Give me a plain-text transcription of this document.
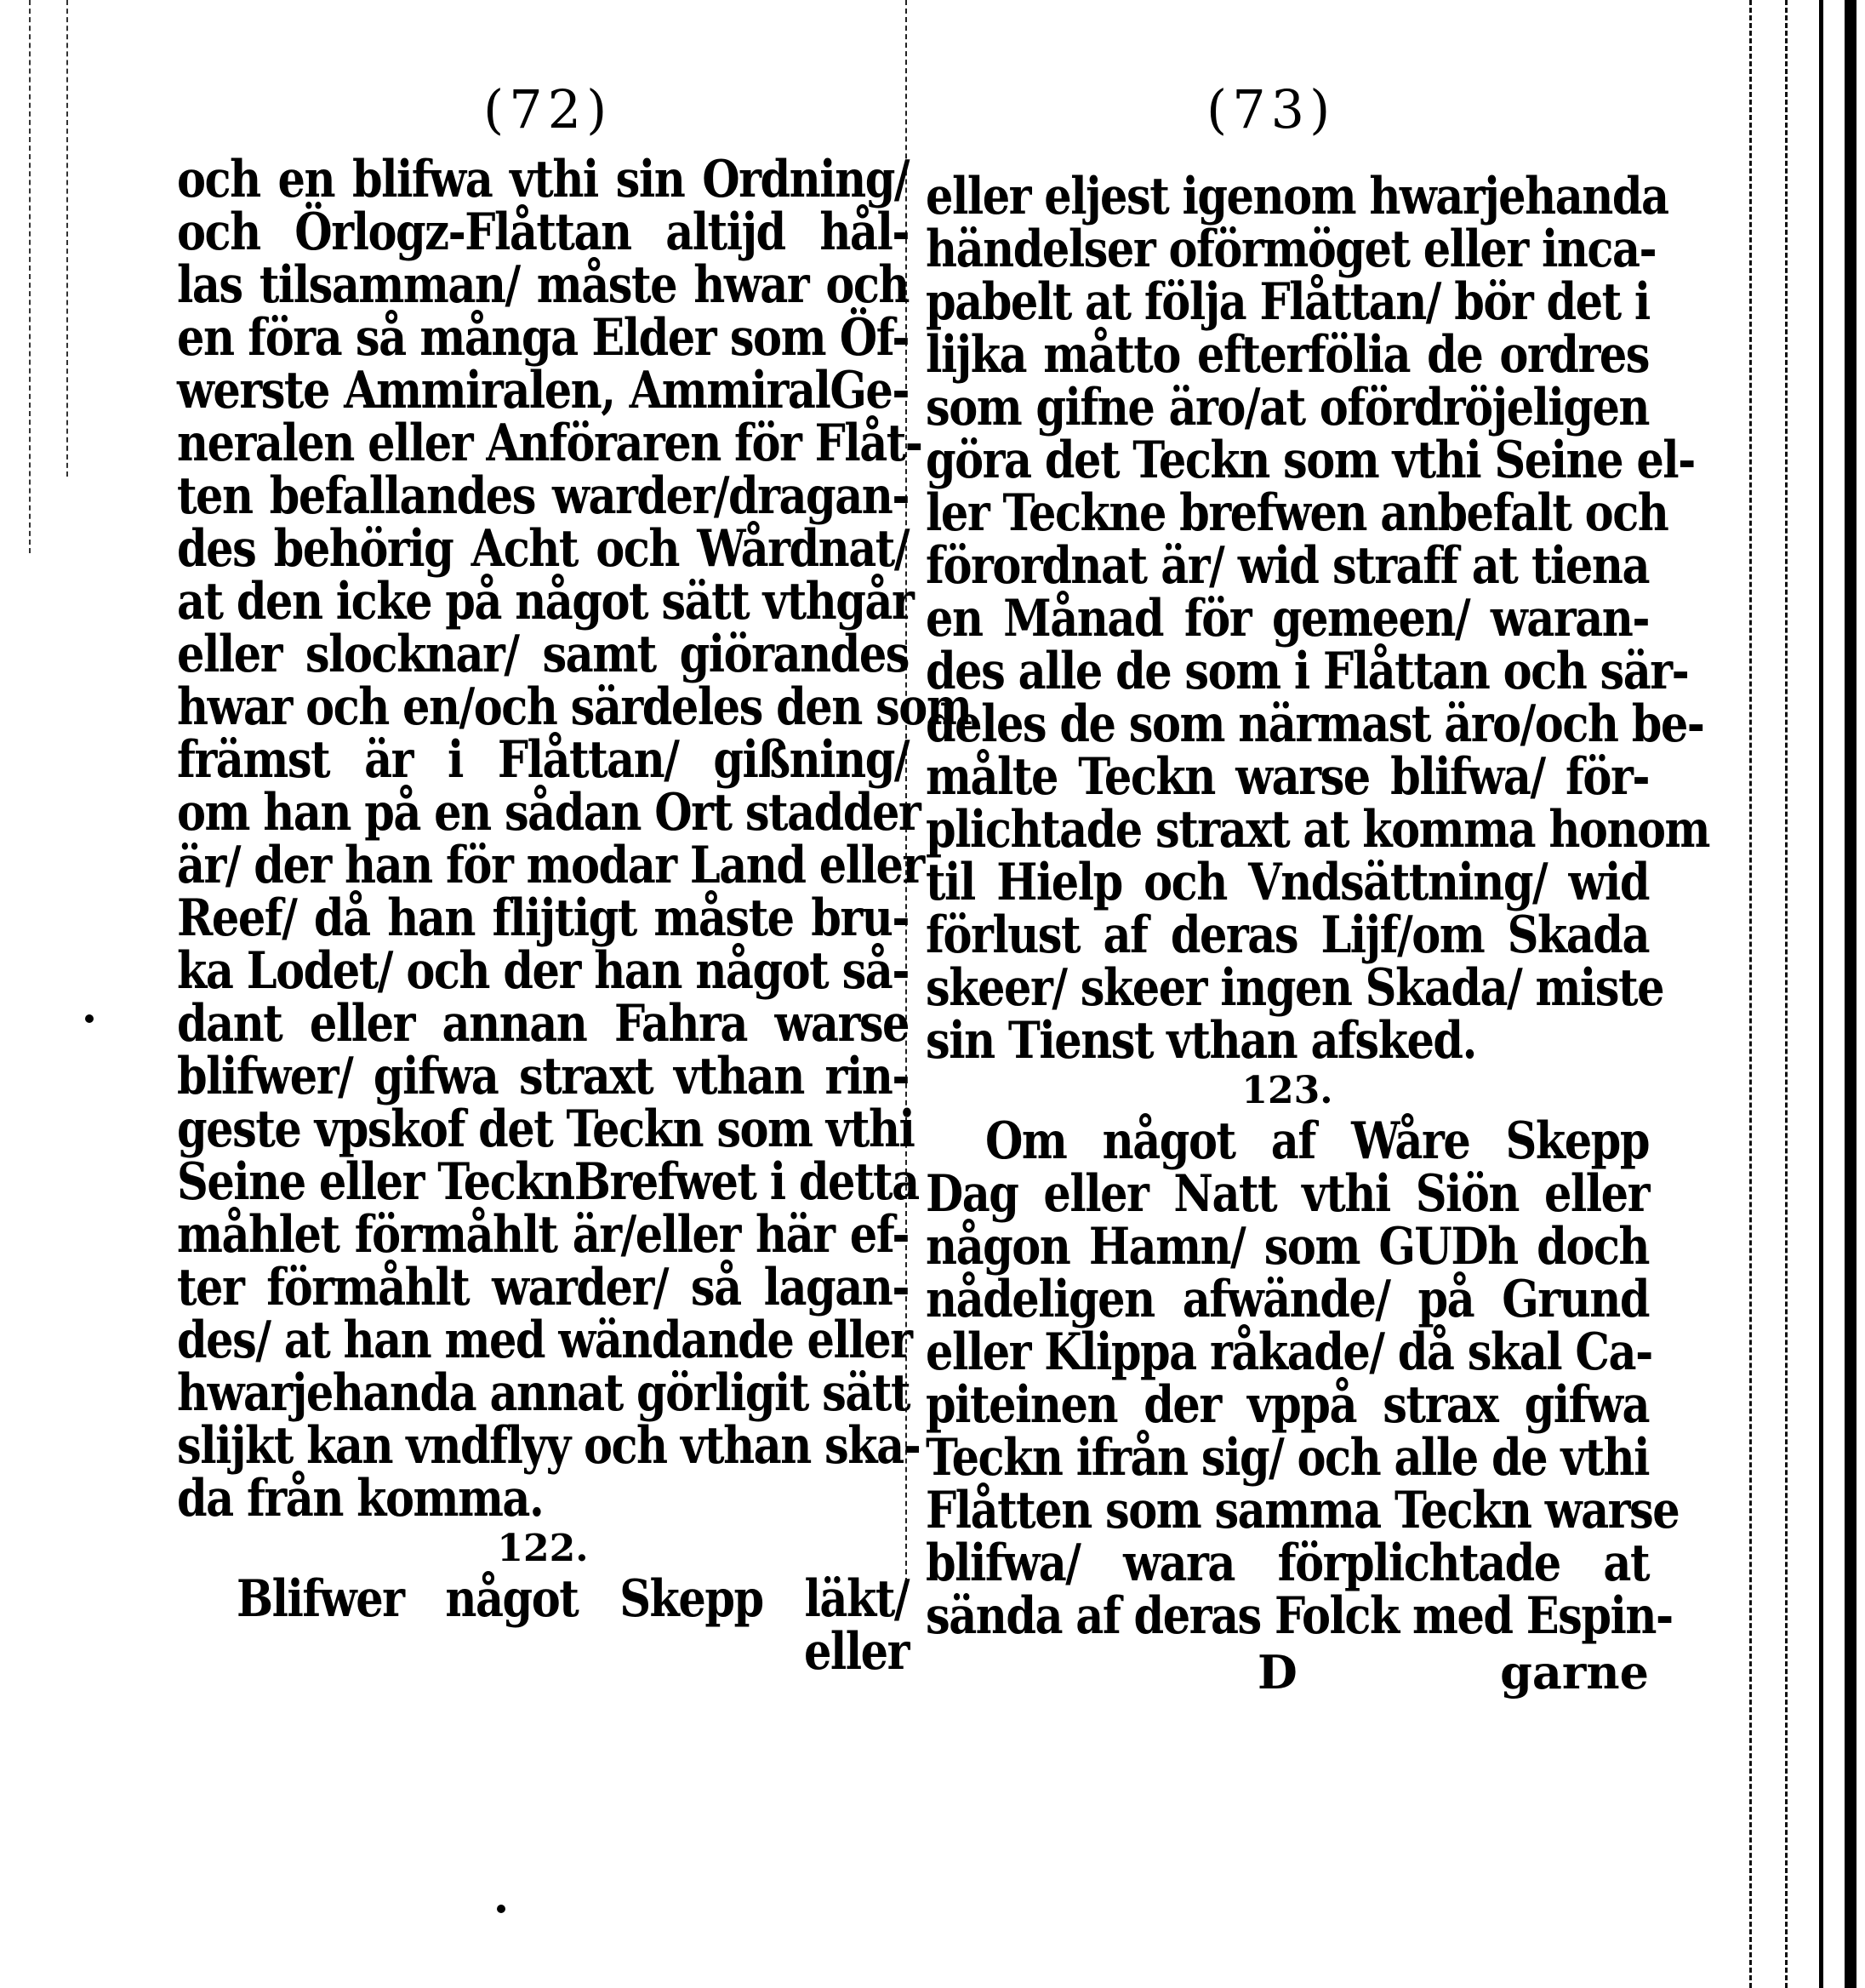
(72)
och en blifwa vthi sin Ordning/
och Örlogz-Flåttan altijd hål-
las tilsamman/ måste hwar och
en föra så många Elder som Öf-
werste Ammiralen, AmmiralGe-
neralen eller Anföraren för Flåt-
ten befallandes warder/dragan-
des behörig Acht och Wårdnat/
at den icke på något sätt vthgår
eller slocknar/ samt giörandes
hwar och en/och särdeles den som
främst är i Flåttan/ gißning/
om han på en sådan Ort stadder
är/ der han för modar Land eller
Reef/ då han flijtigt måste bru-
ka Lodet/ och der han något så-
dant eller annan Fahra warse
blifwer/ gifwa straxt vthan rin-
geste vpskof det Teckn som vthi
Seine eller TecknBrefwet i detta
måhlet förmåhlt är/eller här ef-
ter förmåhlt warder/ så lagan-
des/ at han med wändande eller
hwarjehanda annat görligit sätt
slijkt kan vndflyy och vthan ska-
da från komma.
122.
Blifwer något Skepp läkt/
eller
(73)
eller eljest igenom hwarjehanda
händelser oförmöget eller inca-
pabelt at följa Flåttan/ bör det i
lijka måtto efterfölia de ordres
som gifne äro/at ofördröjeligen
göra det Teckn som vthi Seine el-
ler Teckne brefwen anbefalt och
förordnat är/ wid straff at tiena
en Månad för gemeen/ waran-
des alle de som i Flåttan och sär-
deles de som närmast äro/och be-
målte Teckn warse blifwa/ för-
plichtade straxt at komma honom
til Hielp och Vndsättning/ wid
förlust af deras Lijf/om Skada
skeer/ skeer ingen Skada/ miste
sin Tienst vthan afsked.
123.
Om något af Wåre Skepp
Dag eller Natt vthi Siön eller
någon Hamn/ som GUDh doch
nådeligen afwände/ på Grund
eller Klippa råkade/ då skal Ca-
piteinen der vppå strax gifwa
Teckn ifrån sig/ och alle de vthi
Flåtten som samma Teckn warse
blifwa/ wara förplichtade at
sända af deras Folck med Espin-
D	garne
